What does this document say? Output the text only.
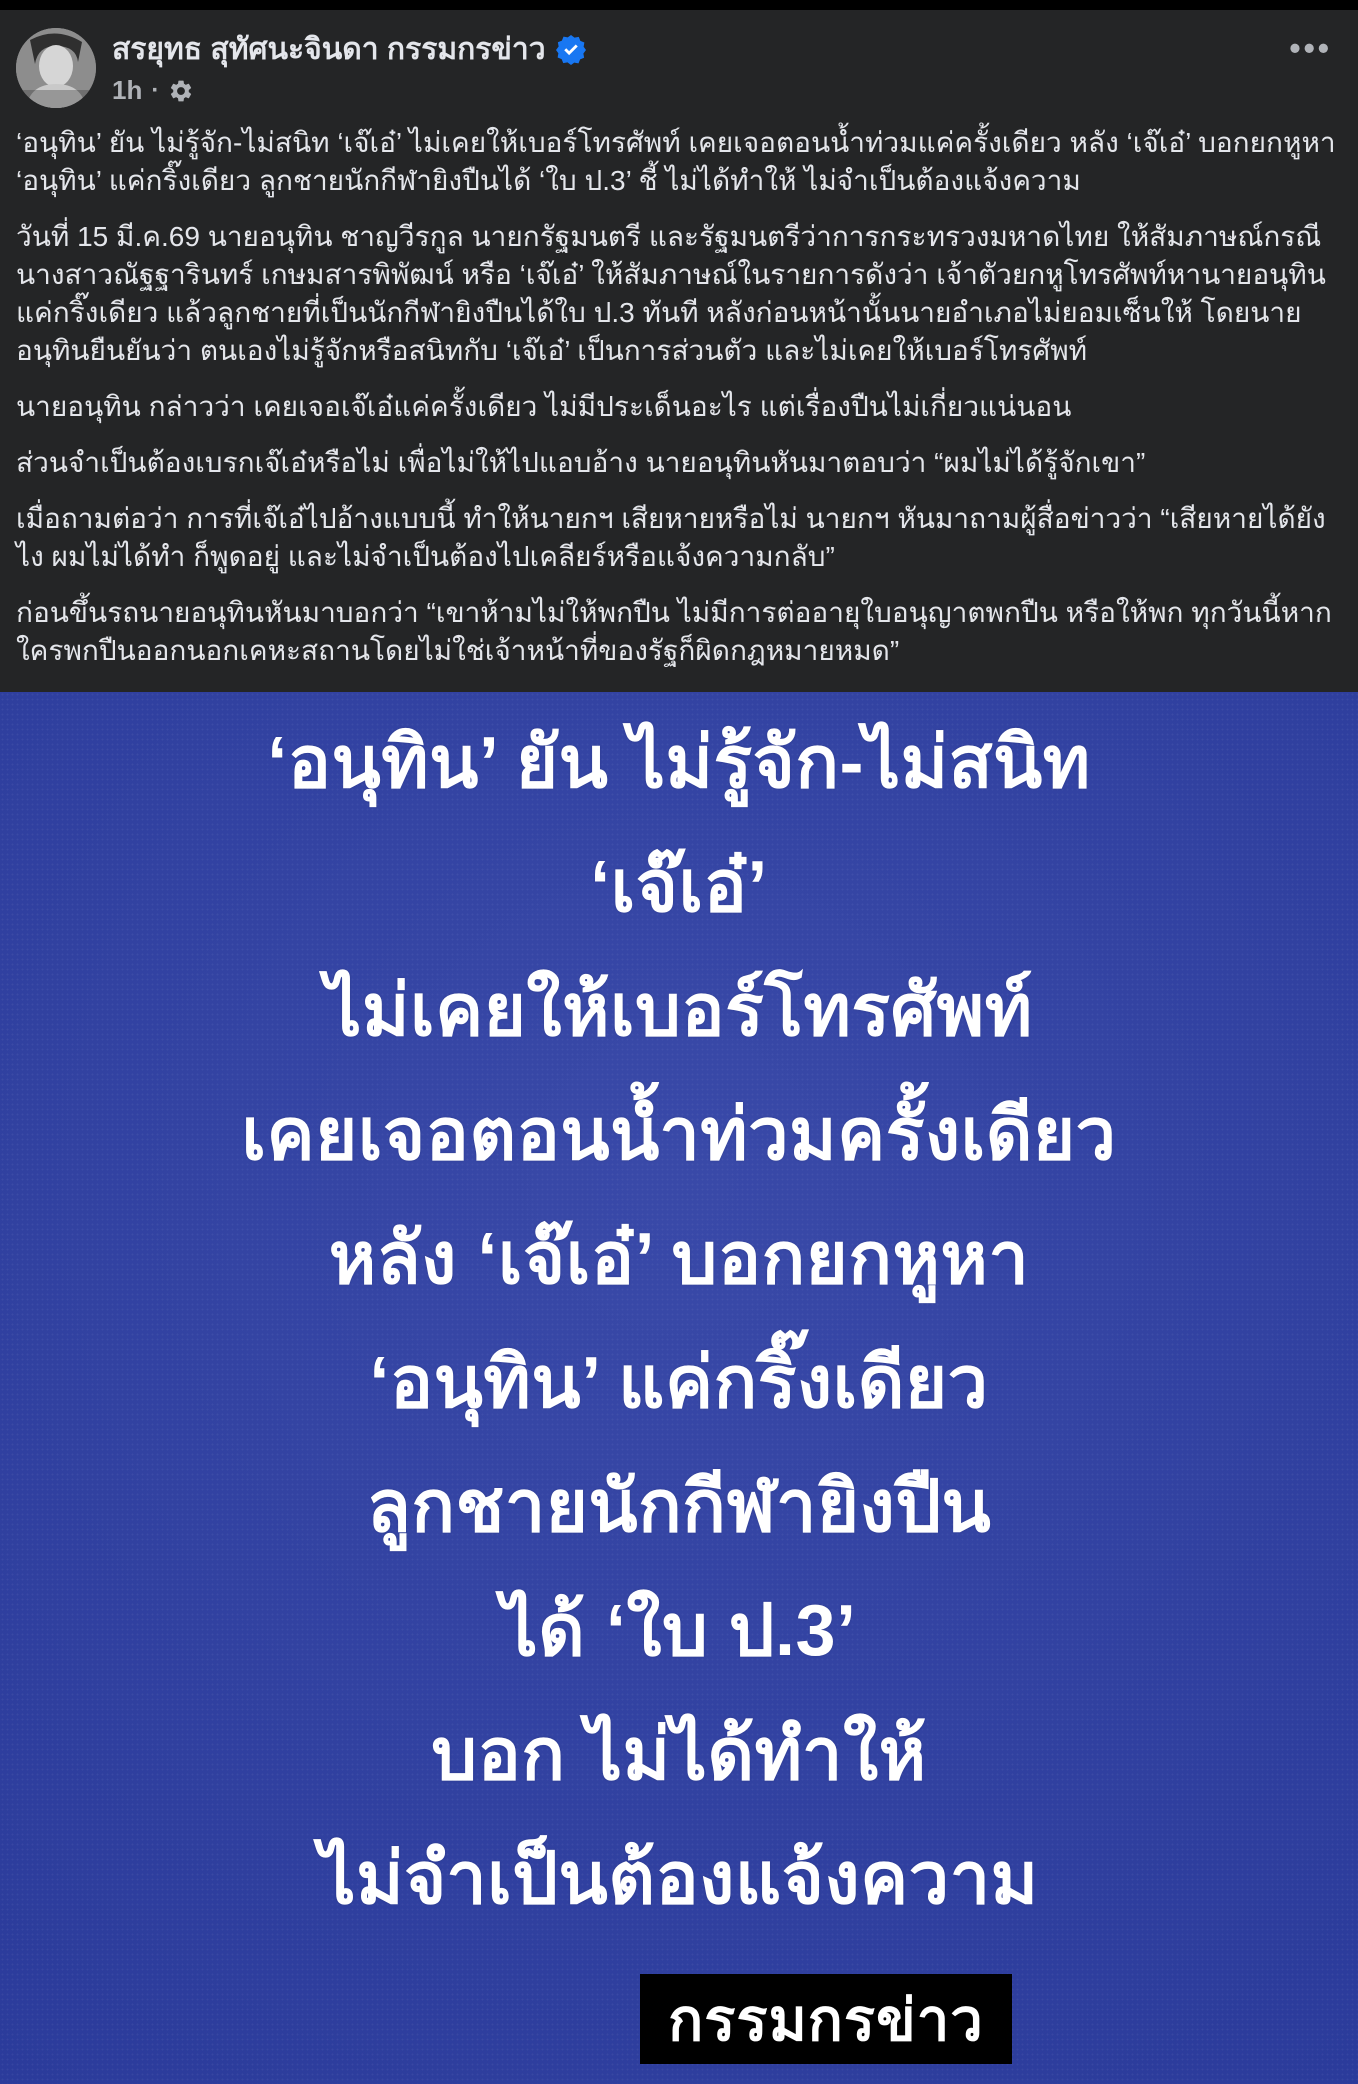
สรยุทธ สุทัศนะจินดา กรรมกรข่าว
1h ·
•••

‘อนุทิน’ ยัน ไม่รู้จัก-ไม่สนิท ‘เจ๊เอ๋’ ไม่เคยให้เบอร์โทรศัพท์ เคยเจอตอนน้ำท่วมแค่ครั้งเดียว หลัง ‘เจ๊เอ๋’ บอกยกหูหา ‘อนุทิน’ แค่กริ๊งเดียว ลูกชายนักกีฬายิงปืนได้ ‘ใบ ป.3’ ชี้ ไม่ได้ทำให้ ไม่จำเป็นต้องแจ้งความ

วันที่ 15 มี.ค.69 นายอนุทิน ชาญวีรกูล นายกรัฐมนตรี และรัฐมนตรีว่าการกระทรวงมหาดไทย ให้สัมภาษณ์กรณี นางสาวณัฐฐารินทร์ เกษมสารพิพัฒน์ หรือ ‘เจ๊เอ๋’ ให้สัมภาษณ์ในรายการดังว่า เจ้าตัวยกหูโทรศัพท์หานายอนุทินแค่กริ๊งเดียว แล้วลูกชายที่เป็นนักกีฬายิงปืนได้ใบ ป.3 ทันที หลังก่อนหน้านั้นนายอำเภอไม่ยอมเซ็นให้ โดยนายอนุทินยืนยันว่า ตนเองไม่รู้จักหรือสนิทกับ ‘เจ๊เอ๋’ เป็นการส่วนตัว และไม่เคยให้เบอร์โทรศัพท์

นายอนุทิน กล่าวว่า เคยเจอเจ๊เอ๋แค่ครั้งเดียว ไม่มีประเด็นอะไร แต่เรื่องปืนไม่เกี่ยวแน่นอน

ส่วนจำเป็นต้องเบรกเจ๊เอ๋หรือไม่ เพื่อไม่ให้ไปแอบอ้าง นายอนุทินหันมาตอบว่า “ผมไม่ได้รู้จักเขา”

เมื่อถามต่อว่า การที่เจ๊เอ๋ไปอ้างแบบนี้ ทำให้นายกฯ เสียหายหรือไม่ นายกฯ หันมาถามผู้สื่อข่าวว่า “เสียหายได้ยังไง ผมไม่ได้ทำ ก็พูดอยู่ และไม่จำเป็นต้องไปเคลียร์หรือแจ้งความกลับ”

ก่อนขึ้นรถนายอนุทินหันมาบอกว่า “เขาห้ามไม่ให้พกปืน ไม่มีการต่ออายุใบอนุญาตพกปืน หรือให้พก ทุกวันนี้หากใครพกปืนออกนอกเคหะสถานโดยไม่ใช่เจ้าหน้าที่ของรัฐก็ผิดกฎหมายหมด”

‘อนุทิน’ ยัน ไม่รู้จัก-ไม่สนิท
‘เจ๊เอ๋’
ไม่เคยให้เบอร์โทรศัพท์
เคยเจอตอนน้ำท่วมครั้งเดียว
หลัง ‘เจ๊เอ๋’ บอกยกหูหา
‘อนุทิน’ แค่กริ๊งเดียว
ลูกชายนักกีฬายิงปืน
ได้ ‘ใบ ป.3’
บอก ไม่ได้ทำให้
ไม่จำเป็นต้องแจ้งความ
กรรมกรข่าว
